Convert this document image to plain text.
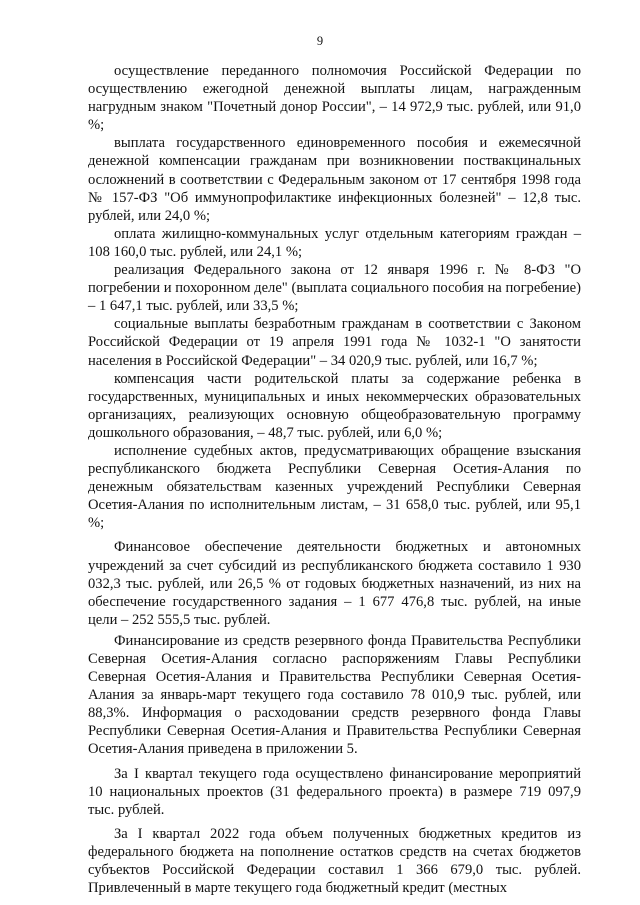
9

осуществление переданного полномочия Российской Федерации по осуществлению ежегодной денежной выплаты лицам, награжденным нагрудным знаком "Почетный донор России", – 14 972,9 тыс. рублей, или 91,0 %;

выплата государственного единовременного пособия и ежемесячной денежной компенсации гражданам при возникновении поствакцинальных осложнений в соответствии с Федеральным законом от 17 сентября 1998 года № 157-ФЗ "Об иммунопрофилактике инфекционных болезней" – 12,8 тыс. рублей, или 24,0 %;

оплата жилищно-коммунальных услуг отдельным категориям граждан – 108 160,0 тыс. рублей, или 24,1 %;

реализация Федерального закона от 12 января 1996 г. № 8-ФЗ "О погребении и похоронном деле" (выплата социального пособия на погребение) – 1 647,1 тыс. рублей, или 33,5 %;

социальные выплаты безработным гражданам в соответствии с Законом Российской Федерации от 19 апреля 1991 года № 1032-1 "О занятости населения в Российской Федерации" – 34 020,9 тыс. рублей, или 16,7 %;

компенсация части родительской платы за содержание ребенка в государственных, муниципальных и иных некоммерческих образовательных организациях, реализующих основную общеобразовательную программу дошкольного образования, – 48,7 тыс. рублей, или 6,0 %;

исполнение судебных актов, предусматривающих обращение взыскания республиканского бюджета Республики Северная Осетия-Алания по денежным обязательствам казенных учреждений Республики Северная Осетия-Алания по исполнительным листам, – 31 658,0 тыс. рублей, или 95,1 %;

Финансовое обеспечение деятельности бюджетных и автономных учреждений за счет субсидий из республиканского бюджета составило 1 930 032,3 тыс. рублей, или 26,5 % от годовых бюджетных назначений, из них на обеспечение государственного задания – 1 677 476,8 тыс. рублей, на иные цели – 252 555,5 тыс. рублей.

Финансирование из средств резервного фонда Правительства Республики Северная Осетия-Алания согласно распоряжениям Главы Республики Северная Осетия-Алания и Правительства Республики Северная Осетия-Алания за январь-март текущего года составило 78 010,9 тыс. рублей, или 88,3%. Информация о расходовании средств резервного фонда Главы Республики Северная Осетия-Алания и Правительства Республики Северная Осетия-Алания приведена в приложении 5.

За I квартал текущего года осуществлено финансирование мероприятий 10 национальных проектов (31 федерального проекта) в размере 719 097,9 тыс. рублей.

За I квартал 2022 года объем полученных бюджетных кредитов из федерального бюджета на пополнение остатков средств на счетах бюджетов субъектов Российской Федерации составил 1 366 679,0 тыс. рублей. Привлеченный в марте текущего года бюджетный кредит (местных
